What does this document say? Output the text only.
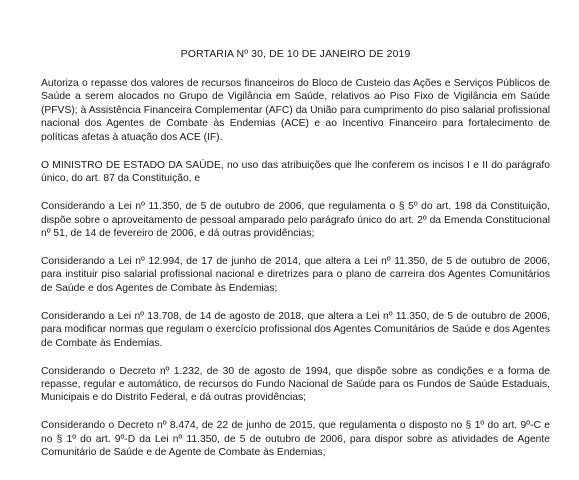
PORTARIA Nº 30, DE 10 DE JANEIRO DE 2019

Autoriza o repasse dos valores de recursos financeiros do Bloco de Custeio das Ações e Serviços Públicos de Saúde a serem alocados no Grupo de Vigilância em Saúde, relativos ao Piso Fixo de Vigilância em Saúde (PFVS); à Assistência Financeira Complementar (AFC) da União para cumprimento do piso salarial profissional nacional dos Agentes de Combate às Endemias (ACE) e ao Incentivo Financeiro para fortalecimento de políticas afetas à atuação dos ACE (IF).

O MINISTRO DE ESTADO DA SAÚDE, no uso das atribuições que lhe conferem os incisos I e II do parágrafo único, do art. 87 da Constituição, e

Considerando a Lei nº 11.350, de 5 de outubro de 2006, que regulamenta o § 5º do art. 198 da Constituição, dispõe sobre o aproveitamento de pessoal amparado pelo parágrafo único do art. 2º da Emenda Constitucional nº 51, de 14 de fevereiro de 2006, e dá outras providências;

Considerando a Lei nº 12.994, de 17 de junho de 2014, que altera a Lei nº 11.350, de 5 de outubro de 2006, para instituir piso salarial profissional nacional e diretrizes para o plano de carreira dos Agentes Comunitários de Saúde e dos Agentes de Combate às Endemias;

Considerando a Lei nº 13.708, de 14 de agosto de 2018, que altera a Lei nº 11.350, de 5 de outubro de 2006, para modificar normas que regulam o exercício profissional dos Agentes Comunitários de Saúde e dos Agentes de Combate às Endemias.

Considerando o Decreto nº 1.232, de 30 de agosto de 1994, que dispõe sobre as condições e a forma de repasse, regular e automático, de recursos do Fundo Nacional de Saúde para os Fundos de Saúde Estaduais, Municipais e do Distrito Federal, e dá outras providências;

Considerando o Decreto nº 8.474, de 22 de junho de 2015, que regulamenta o disposto no § 1º do art. 9º-C e no § 1º do art. 9º-D da Lei nº 11.350, de 5 de outubro de 2006, para dispor sobre as atividades de Agente Comunitário de Saúde e de Agente de Combate às Endemias;
